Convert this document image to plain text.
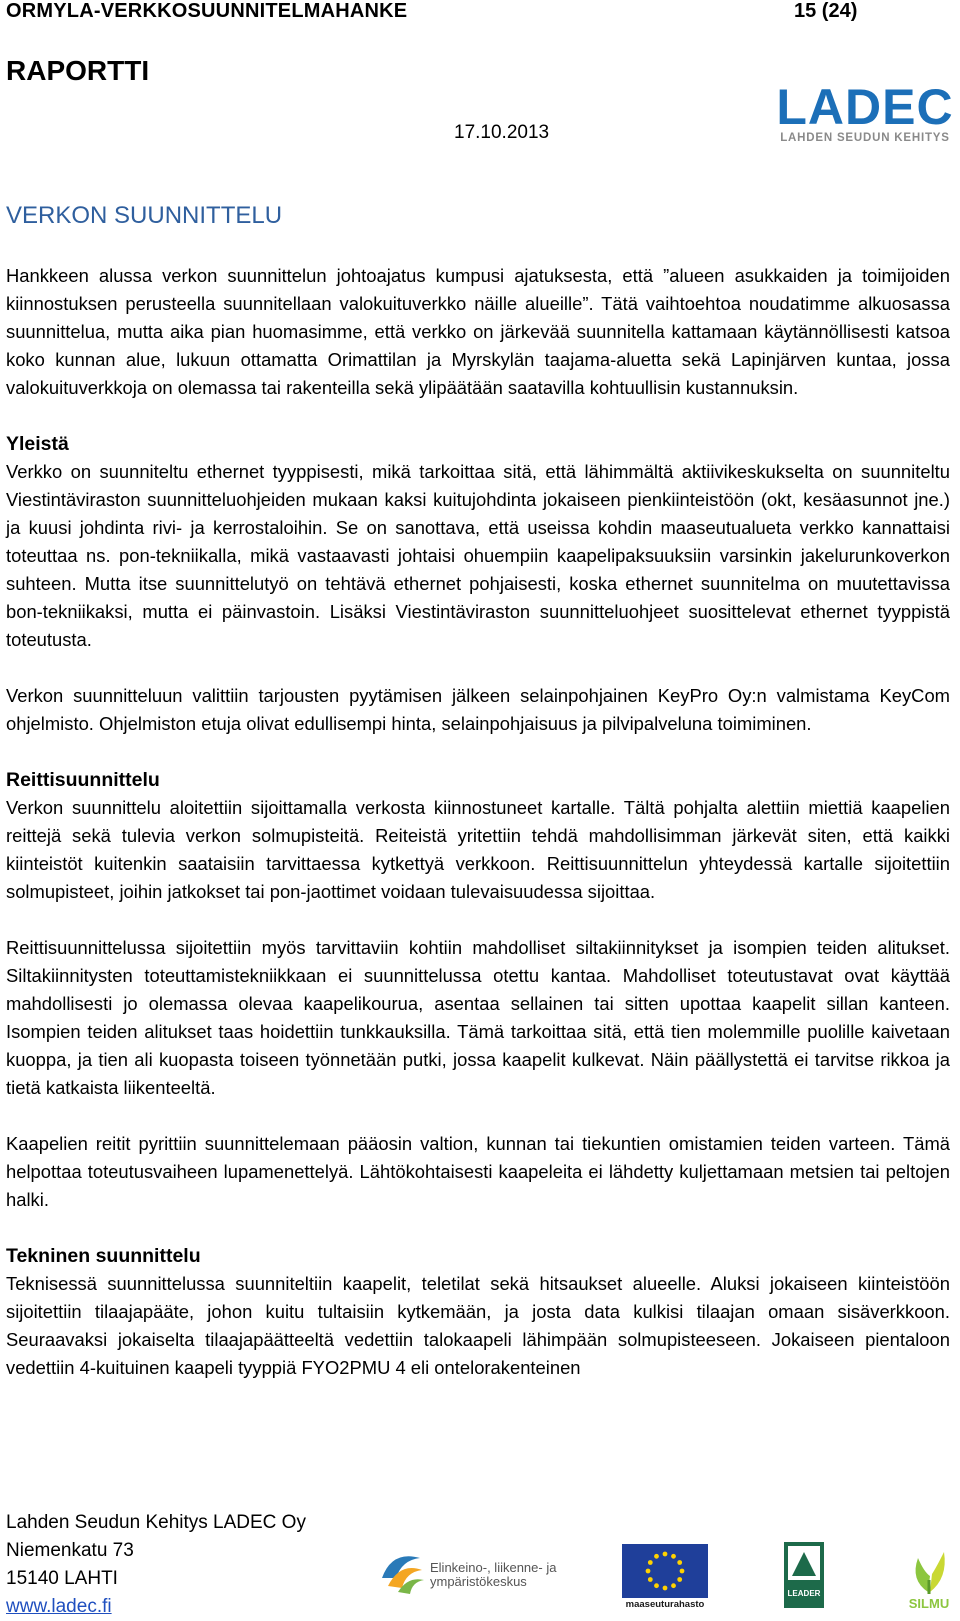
ORMYLA-VERKKOSUUNNITELMAHANKE	15 (24)
RAPORTTI
17.10.2013	LADEC
LAHDEN SEUDUN KEHITYS
VERKON SUUNNITTELU

Hankkeen alussa verkon suunnittelun johtoajatus kumpusi ajatuksesta, että ”alueen asukkaiden ja toimijoiden kiinnostuksen perusteella suunnitellaan valokuituverkko näille alueille”. Tätä vaihtoehtoa noudatimme alkuosassa suunnittelua, mutta aika pian huomasimme, että verkko on järkevää suunnitella kattamaan käytännöllisesti katsoa koko kunnan alue, lukuun ottamatta Orimattilan ja Myrskylän taajama-aluetta sekä Lapinjärven kuntaa, jossa valokuituverkkoja on olemassa tai rakenteilla sekä ylipäätään saatavilla kohtuullisin kustannuksin.

Yleistä

Verkko on suunniteltu ethernet tyyppisesti, mikä tarkoittaa sitä, että lähimmältä aktiivikeskukselta on suunniteltu Viestintäviraston suunnitteluohjeiden mukaan kaksi kuitujohdinta jokaiseen pienkiinteistöön (okt, kesäasunnot jne.) ja kuusi johdinta rivi- ja kerrostaloihin. Se on sanottava, että useissa kohdin maaseutualueta verkko kannattaisi toteuttaa ns. pon-tekniikalla, mikä vastaavasti johtaisi ohuempiin kaapelipaksuuksiin varsinkin jakelurunkoverkon suhteen. Mutta itse suunnittelutyö on tehtävä ethernet pohjaisesti, koska ethernet suunnitelma on muutettavissa bon-tekniikaksi, mutta ei päinvastoin. Lisäksi Viestintäviraston suunnitteluohjeet suosittelevat ethernet tyyppistä toteutusta.

Verkon suunnitteluun valittiin tarjousten pyytämisen jälkeen selainpohjainen KeyPro Oy:n valmistama KeyCom ohjelmisto. Ohjelmiston etuja olivat edullisempi hinta, selainpohjaisuus ja pilvipalveluna toimiminen.

Reittisuunnittelu

Verkon suunnittelu aloitettiin sijoittamalla verkosta kiinnostuneet kartalle. Tältä pohjalta alettiin miettiä kaapelien reittejä sekä tulevia verkon solmupisteitä. Reiteistä yritettiin tehdä mahdollisimman järkevät siten, että kaikki kiinteistöt kuitenkin saataisiin tarvittaessa kytkettyä verkkoon. Reittisuunnittelun yhteydessä kartalle sijoitettiin solmupisteet, joihin jatkokset tai pon-jaottimet voidaan tulevaisuudessa sijoittaa.

Reittisuunnittelussa sijoitettiin myös tarvittaviin kohtiin mahdolliset siltakiinnitykset ja isompien teiden alitukset. Siltakiinnitysten toteuttamistekniikkaan ei suunnittelussa otettu kantaa. Mahdolliset toteutustavat ovat käyttää mahdollisesti jo olemassa olevaa kaapelikourua, asentaa sellainen tai sitten upottaa kaapelit sillan kanteen. Isompien teiden alitukset taas hoidettiin tunkkauksilla. Tämä tarkoittaa sitä, että tien molemmille puolille kaivetaan kuoppa, ja tien ali kuopasta toiseen työnnetään putki, jossa kaapelit kulkevat. Näin päällystettä ei tarvitse rikkoa ja tietä katkaista liikenteeltä.

Kaapelien reitit pyrittiin suunnittelemaan pääosin valtion, kunnan tai tiekuntien omistamien teiden varteen. Tämä helpottaa toteutusvaiheen lupamenettelyä. Lähtökohtaisesti kaapeleita ei lähdetty kuljettamaan metsien tai peltojen halki.

Tekninen suunnittelu

Teknisessä suunnittelussa suunniteltiin kaapelit, teletilat sekä hitsaukset alueelle. Aluksi jokaiseen kiinteistöön sijoitettiin tilaajapääte, johon kuitu tultaisiin kytkemään, ja josta data kulkisi tilaajan omaan sisäverkkoon. Seuraavaksi jokaiselta tilaajapäätteeltä vedettiin talokaapeli lähimpään solmupisteeseen. Jokaiseen pientaloon vedettiin 4-kuituinen kaapeli tyyppiä FYO2PMU 4 eli ontelorakenteinen

Lahden Seudun Kehitys LADEC Oy
Niemenkatu 73
15140 LAHTI
www.ladec.fi
Elinkeino-, liikenne- ja
ympäristökeskus
maaseuturahasto
LEADER
SILMU
